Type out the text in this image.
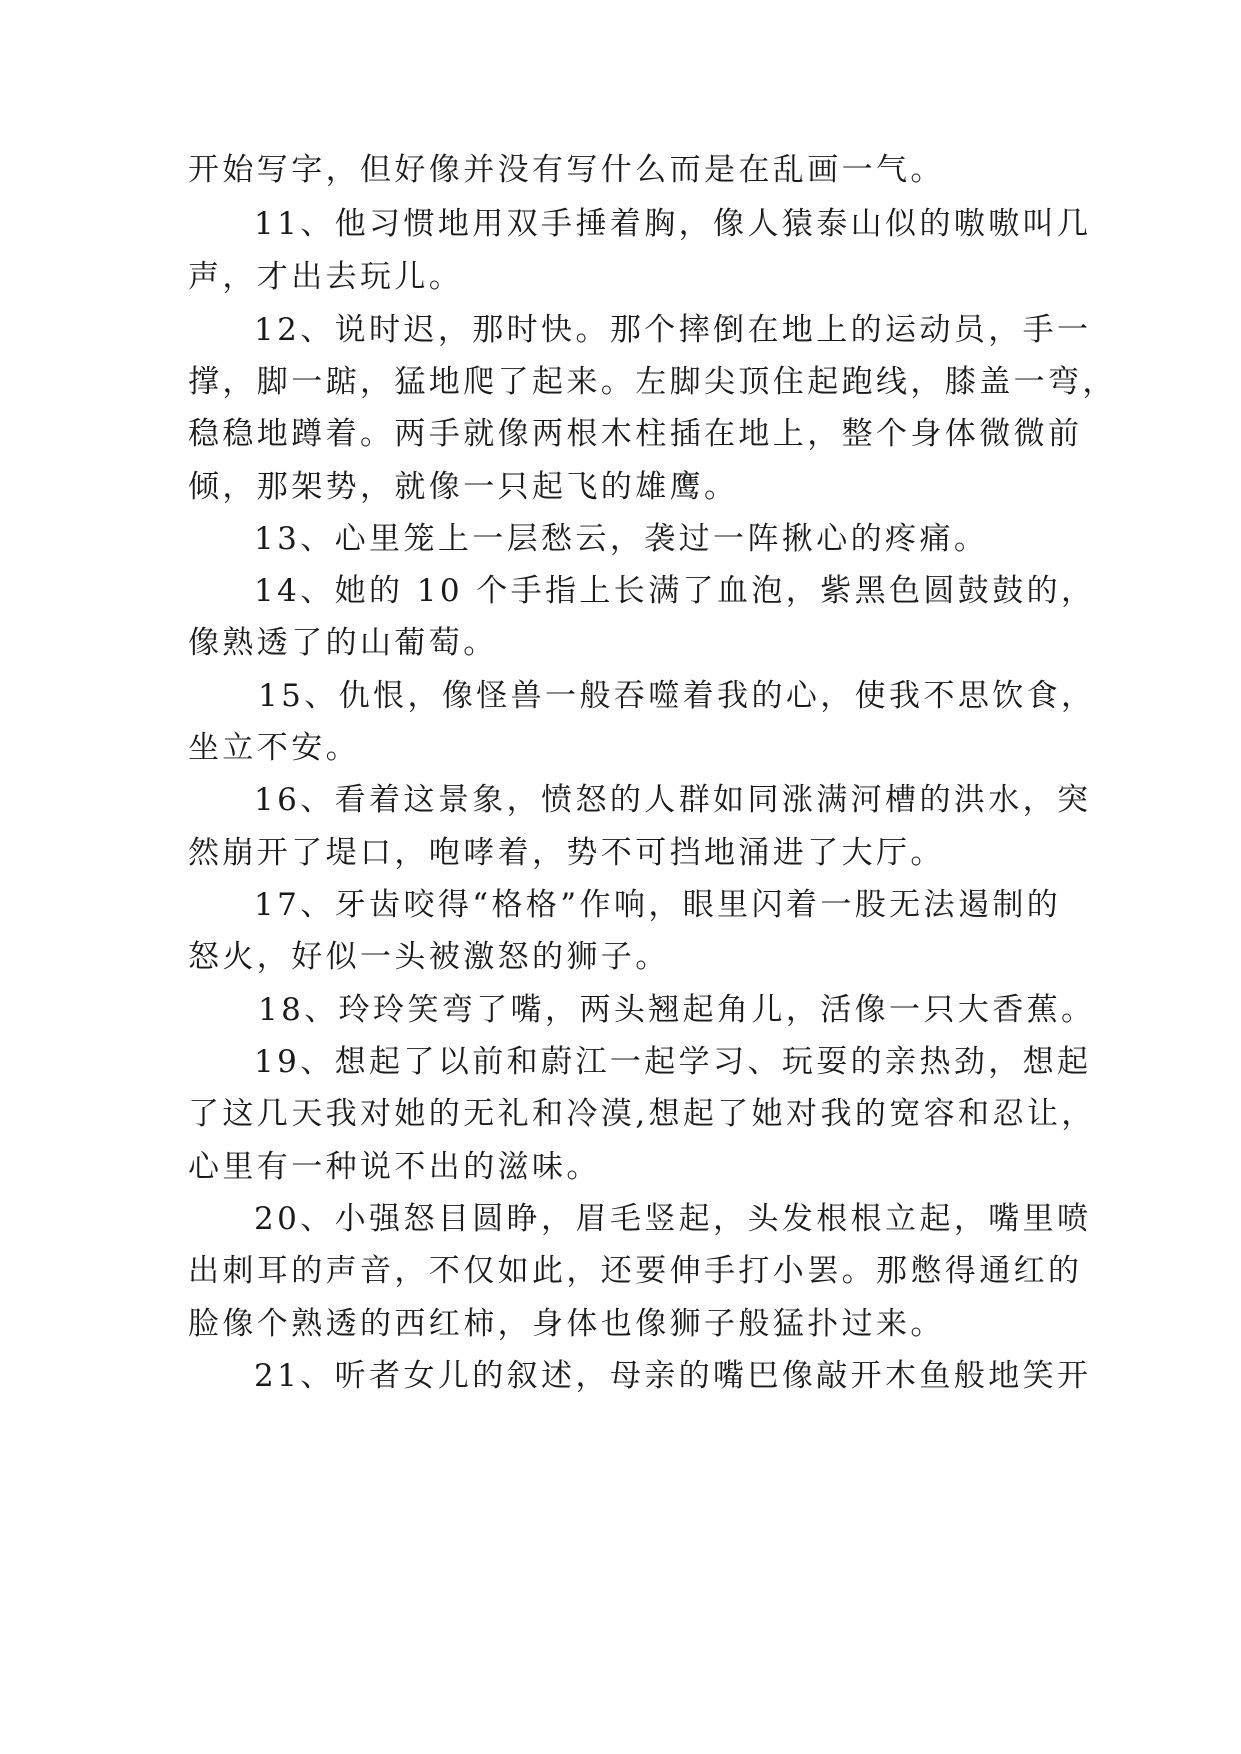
开始写字，但好像并没有写什么而是在乱画一气。
11、他习惯地用双手捶着胸，像人猿泰山似的嗷嗷叫几
声，才出去玩儿。
12、说时迟，那时快。那个摔倒在地上的运动员，手一
撑，脚一踮，猛地爬了起来。左脚尖顶住起跑线，膝盖一弯，
稳稳地蹲着。两手就像两根木柱插在地上，整个身体微微前
倾，那架势，就像一只起飞的雄鹰。
13、心里笼上一层愁云，袭过一阵揪心的疼痛。
14、她的 10 个手指上长满了血泡，紫黑色圆鼓鼓的，
像熟透了的山葡萄。
15、仇恨，像怪兽一般吞噬着我的心，使我不思饮食，
坐立不安。
16、看着这景象，愤怒的人群如同涨满河槽的洪水，突
然崩开了堤口，咆哮着，势不可挡地涌进了大厅。
17、牙齿咬得“格格”作响，眼里闪着一股无法遏制的
怒火，好似一头被激怒的狮子。
18、玲玲笑弯了嘴，两头翘起角儿，活像一只大香蕉。
19、想起了以前和蔚江一起学习、玩耍的亲热劲，想起
了这几天我对她的无礼和冷漠,想起了她对我的宽容和忍让，
心里有一种说不出的滋味。
20、小强怒目圆睁，眉毛竖起，头发根根立起，嘴里喷
出刺耳的声音，不仅如此，还要伸手打小罢。那憋得通红的
脸像个熟透的西红柿，身体也像狮子般猛扑过来。
21、听者女儿的叙述，母亲的嘴巴像敲开木鱼般地笑开
